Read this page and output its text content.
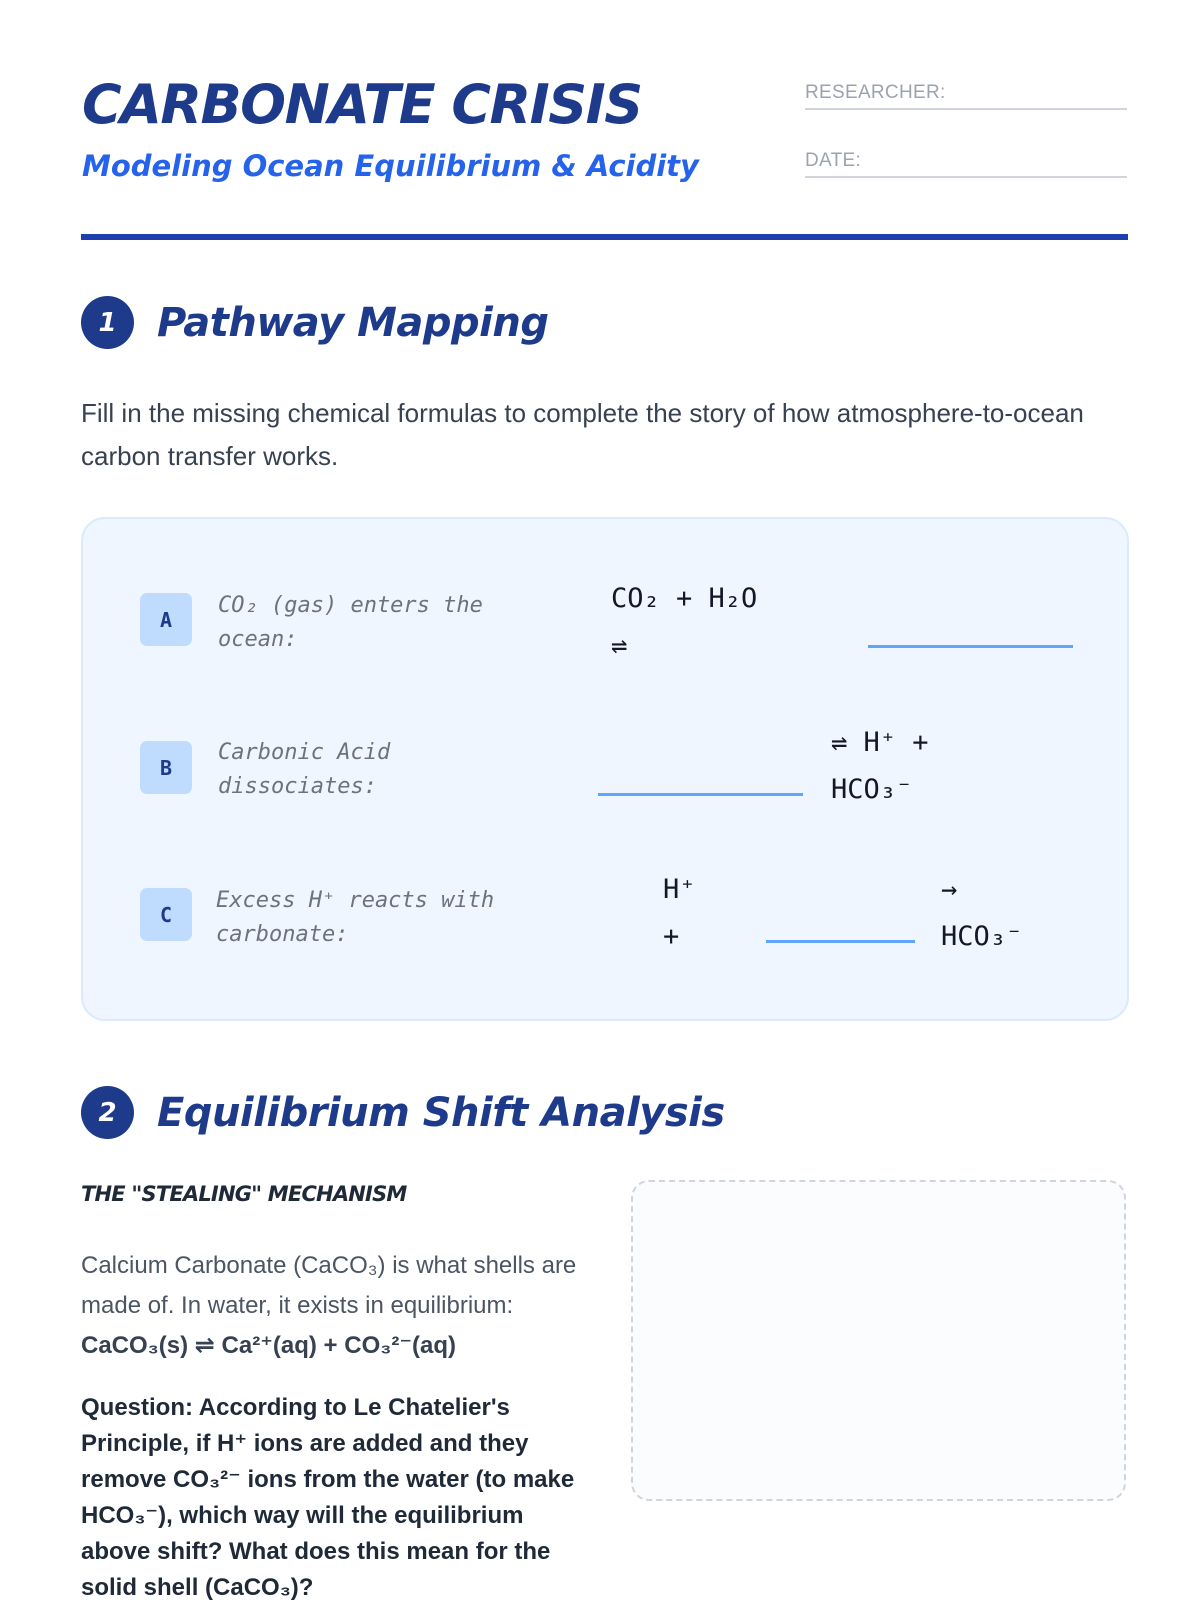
CARBONATE CRISIS
Modeling Ocean Equilibrium & Acidity
RESEARCHER:
DATE:
1	Pathway Mapping
Fill in the missing chemical formulas to complete the story of how atmosphere-to-ocean carbon transfer works.
A
CO₂ (gas) enters the ocean:
CO₂ + H₂O
⇌
B
Carbonic Acid dissociates:
⇌ H⁺ +
HCO₃⁻
C
Excess H⁺ reacts with carbonate:
H⁺
+
→
HCO₃⁻
2	Equilibrium Shift Analysis
THE "STEALING" MECHANISM
Calcium Carbonate (CaCO₃) is what shells are made of. In water, it exists in equilibrium:
CaCO₃(s) ⇌ Ca²⁺(aq) + CO₃²⁻(aq)
Question: According to Le Chatelier's Principle, if H⁺ ions are added and they remove CO₃²⁻ ions from the water (to make HCO₃⁻), which way will the equilibrium above shift? What does this mean for the solid shell (CaCO₃)?
